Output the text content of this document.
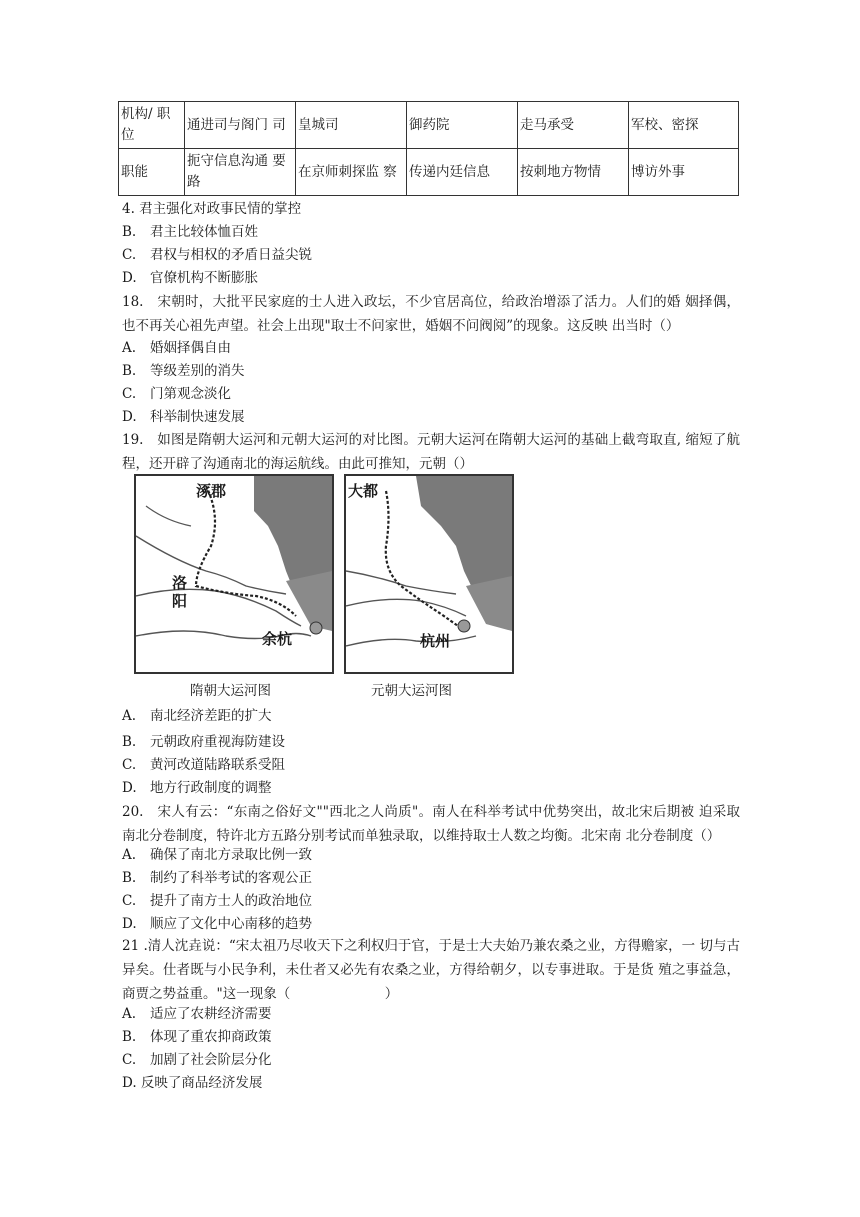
机构/ 职位	通进司与阁门 司	皇城司	御药院	走马承受	军校、密探
职能	扼守信息沟通 要路	在京师刺探监 察	传递内廷信息	按刺地方物情	博访外事
4. 君主强化对政事民情的掌控
B. 君主比较体恤百姓
C. 君权与相权的矛盾日益尖锐
D. 官僚机构不断膨胀
18.　宋朝时，大批平民家庭的士人进入政坛，不少官居高位，给政治增添了活力。人们的婚 姻择偶，也不再关心祖先声望。社会上出现"取士不问家世，婚姻不问阀阅”的现象。这反映 出当时（）
A. 婚姻择偶自由
B. 等级差别的消失
C. 门第观念淡化
D. 科举制快速发展
19.　如图是隋朝大运河和元朝大运河的对比图。元朝大运河在隋朝大运河的基础上截弯取直, 缩短了航程，还开辟了沟通南北的海运航线。由此可推知，元朝（）
涿郡
洛
阳
余杭
大都
杭州
隋朝大运河图	元朝大运河图
A. 南北经济差距的扩大
B. 元朝政府重视海防建设
C. 黄河改道陆路联系受阻
D. 地方行政制度的调整
20.　宋人有云：“东南之俗好文""西北之人尚质"。南人在科举考试中优势突出，故北宋后期被 迫采取南北分卷制度，特许北方五路分别考试而单独录取，以维持取士人数之均衡。北宋南 北分卷制度（）
A. 确保了南北方录取比例一致
B. 制约了科举考试的客观公正
C. 提升了南方士人的政治地位
D. 顺应了文化中心南移的趋势
21 .清人沈垚说：“宋太祖乃尽收天下之利权归于官，于是士大夫始乃兼农桑之业，方得赡家，一 切与古异矣。仕者既与小民争利，未仕者又必先有农桑之业，方得给朝夕，以专事进取。于是货 殖之事益急，商贾之势益重。"这一现象（　　　　　　　）
A. 适应了农耕经济需要
B. 体现了重农抑商政策
C. 加剧了社会阶层分化
D. 反映了商品经济发展
